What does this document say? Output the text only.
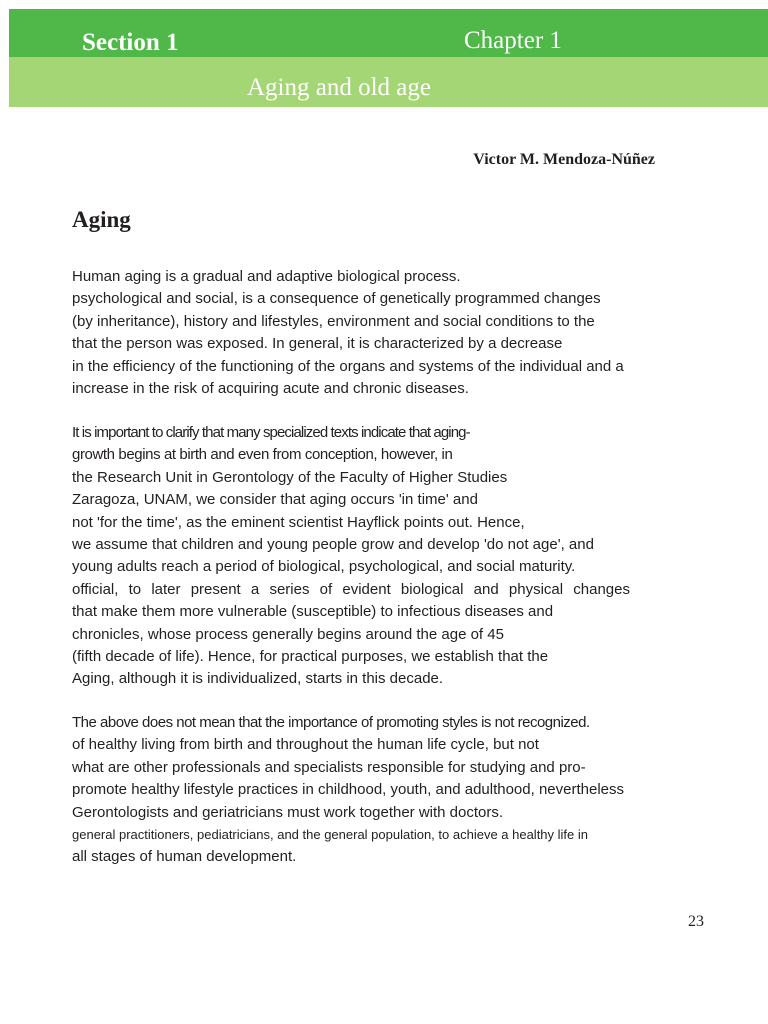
Section 1	Chapter 1
Aging and old age
Victor M. Mendoza-Núñez
Aging

Human aging is a gradual and adaptive biological process.
psychological and social, is a consequence of genetically programmed changes
(by inheritance), history and lifestyles, environment and social conditions to the
that the person was exposed. In general, it is characterized by a decrease
in the efficiency of the functioning of the organs and systems of the individual and a
increase in the risk of acquiring acute and chronic diseases.

It is important to clarify that many specialized texts indicate that aging-
growth begins at birth and even from conception, however, in
the Research Unit in Gerontology of the Faculty of Higher Studies
Zaragoza, UNAM, we consider that aging occurs 'in time' and
not 'for the time', as the eminent scientist Hayflick points out. Hence,
we assume that children and young people grow and develop 'do not age', and
young adults reach a period of biological, psychological, and social maturity.
official, to later present a series of evident biological and physical changes
that make them more vulnerable (susceptible) to infectious diseases and
chronicles, whose process generally begins around the age of 45
(fifth decade of life). Hence, for practical purposes, we establish that the
Aging, although it is individualized, starts in this decade.

The above does not mean that the importance of promoting styles is not recognized.
of healthy living from birth and throughout the human life cycle, but not
what are other professionals and specialists responsible for studying and pro-
promote healthy lifestyle practices in childhood, youth, and adulthood, nevertheless
Gerontologists and geriatricians must work together with doctors.
general practitioners, pediatricians, and the general population, to achieve a healthy life in
all stages of human development.

23
